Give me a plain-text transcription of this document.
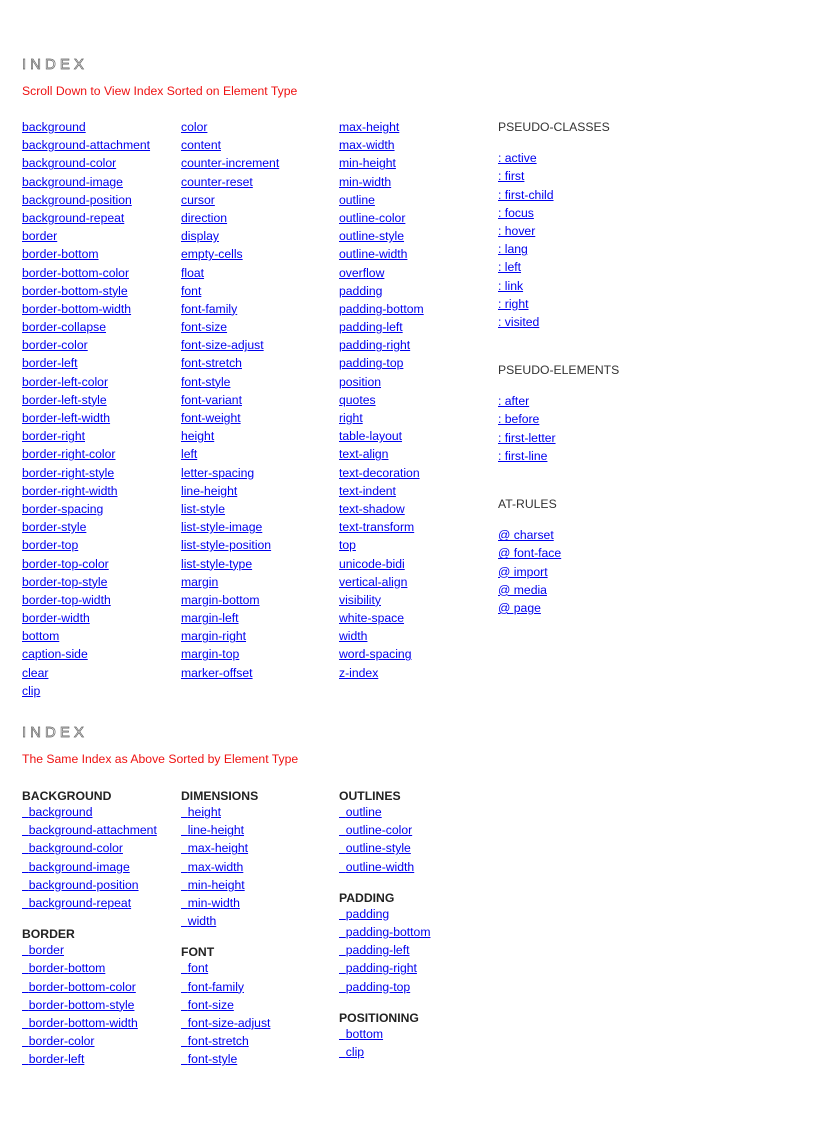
INDEX
Scroll Down to View Index Sorted on Element Type
background
background-attachment
background-color
background-image
background-position
background-repeat
border
border-bottom
border-bottom-color
border-bottom-style
border-bottom-width
border-collapse
border-color
border-left
border-left-color
border-left-style
border-left-width
border-right
border-right-color
border-right-style
border-right-width
border-spacing
border-style
border-top
border-top-color
border-top-style
border-top-width
border-width
bottom
caption-side
clear
clip
color
content
counter-increment
counter-reset
cursor
direction
display
empty-cells
float
font
font-family
font-size
font-size-adjust
font-stretch
font-style
font-variant
font-weight
height
left
letter-spacing
line-height
list-style
list-style-image
list-style-position
list-style-type
margin
margin-bottom
margin-left
margin-right
margin-top
marker-offset
max-height
max-width
min-height
min-width
outline
outline-color
outline-style
outline-width
overflow
padding
padding-bottom
padding-left
padding-right
padding-top
position
quotes
right
table-layout
text-align
text-decoration
text-indent
text-shadow
text-transform
top
unicode-bidi
vertical-align
visibility
white-space
width
word-spacing
z-index
PSEUDO-CLASSES
: active
: first
: first-child
: focus
: hover
: lang
: left
: link
: right
: visited
PSEUDO-ELEMENTS
: after
: before
: first-letter
: first-line
AT-RULES
@ charset
@ font-face
@ import
@ media
@ page
INDEX
The Same Index as Above Sorted by Element Type
BACKGROUND
background
background-attachment
background-color
background-image
background-position
background-repeat
BORDER
border
border-bottom
border-bottom-color
border-bottom-style
border-bottom-width
border-color
border-left
DIMENSIONS
height
line-height
max-height
max-width
min-height
min-width
width
FONT
font
font-family
font-size
font-size-adjust
font-stretch
font-style
OUTLINES
outline
outline-color
outline-style
outline-width
PADDING
padding
padding-bottom
padding-left
padding-right
padding-top
POSITIONING
bottom
clip
